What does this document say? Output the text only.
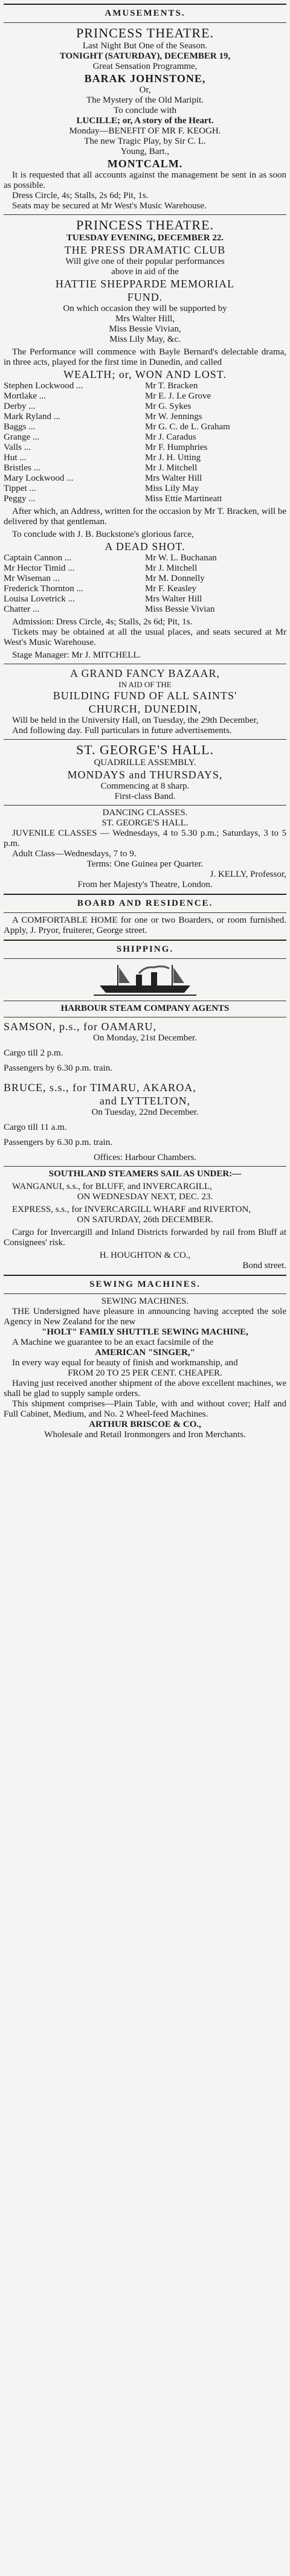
AMUSEMENTS.
PRINCESS THEATRE.
Last Night But One of the Season.
TONIGHT (SATURDAY), DECEMBER 19,
Great Sensation Programme,
BARAK JOHNSTONE,
Or,
The Mystery of the Old Maripit.
To conclude with
LUCILLE; or, A story of the Heart.
Monday—BENEFIT OF MR F. KEOGH.
The new Tragic Play, by Sir C. L.
Young, Bart.,
MONTCALM.
It is requested that all accounts against the management be sent in as soon as possible.
Dress Circle, 4s; Stalls, 2s 6d; Pit, 1s.
Seats may be secured at Mr West's Music Warehouse.
PRINCESS THEATRE.
TUESDAY EVENING, DECEMBER 22.
THE PRESS DRAMATIC CLUB
Will give one of their popular performances
above in aid of the
HATTIE SHEPPARDE MEMORIAL
FUND.
On which occasion they will be supported by
Mrs Walter Hill,
Miss Bessie Vivian,
Miss Lily May, &c.
The Performance will commence with Bayle Bernard's delectable drama, in three acts, played for the first time in Dunedin, and called
WEALTH; or, WON AND LOST.
Stephen Lockwood ...	Mr T. Bracken
Mortlake ...	Mr E. J. Le Grove
Derby ...	Mr G. Sykes
Mark Ryland ...	Mr W. Jennings
Baggs ...	Mr G. C. de L. Graham
Grange ...	Mr J. Caradus
Valls ...	Mr F. Humphries
Hut ...	Mr J. H. Utting
Bristles ...	Mr J. Mitchell
Mary Lockwood ...	Mrs Walter Hill
Tippet ...	Miss Lily May
Peggy ...	Miss Ettie Martineatt
After which, an Address, written for the occasion by Mr T. Bracken, will be delivered by that gentleman.
To conclude with J. B. Buckstone's glorious farce,
A DEAD SHOT.
Captain Cannon ...	Mr W. L. Buchanan
Mr Hector Timid ...	Mr J. Mitchell
Mr Wiseman ...	Mr M. Donnelly
Frederick Thornton ...	Mr F. Keasley
Louisa Lovetrick ...	Mrs Walter Hill
Chatter ...	Miss Bessie Vivian
Admission: Dress Circle, 4s; Stalls, 2s 6d; Pit, 1s.
Tickets may be obtained at all the usual places, and seats secured at Mr West's Music Warehouse.
Stage Manager: Mr J. MITCHELL.
A GRAND FANCY BAZAAR,
IN AID OF THE
BUILDING FUND OF ALL SAINTS'
CHURCH, DUNEDIN,
Will be held in the University Hall, on Tuesday, the 29th December,
And following day. Full particulars in future advertisements.
ST. GEORGE'S HALL.
QUADRILLE ASSEMBLY.
MONDAYS and THURSDAYS,
Commencing at 8 sharp.
First-class Band.
DANCING CLASSES.
ST. GEORGE'S HALL.
JUVENILE CLASSES — Wednesdays, 4 to 5.30 p.m.; Saturdays, 3 to 5 p.m.
Adult Class—Wednesdays, 7 to 9.
Terms: One Guinea per Quarter.
J. KELLY, Professor,
From her Majesty's Theatre, London.
BOARD AND RESIDENCE.
A COMFORTABLE HOME for one or two Boarders, or room furnished. Apply, J. Pryor, fruiterer, George street.
SHIPPING.
HARBOUR STEAM COMPANY AGENTS
SAMSON, p.s., for OAMARU,
On Monday, 21st December.
Cargo till 2 p.m.
Passengers by 6.30 p.m. train.
BRUCE, s.s., for TIMARU, AKAROA,
and LYTTELTON,
On Tuesday, 22nd December.
Cargo till 11 a.m.
Passengers by 6.30 p.m. train.
Offices: Harbour Chambers.
SOUTHLAND STEAMERS SAIL AS UNDER:—
WANGANUI, s.s., for BLUFF, and INVERCARGILL,
ON WEDNESDAY NEXT, DEC. 23.
EXPRESS, s.s., for INVERCARGILL WHARF and RIVERTON,
ON SATURDAY, 26th DECEMBER.
Cargo for Invercargill and Inland Districts forwarded by rail from Bluff at Consignees' risk.
H. HOUGHTON & CO.,
Bond street.
SEWING MACHINES.
SEWING MACHINES.
THE Undersigned have pleasure in announcing having accepted the sole Agency in New Zealand for the new
"HOLT" FAMILY SHUTTLE SEWING MACHINE,
A Machine we guarantee to be an exact facsimile of the
AMERICAN "SINGER,"
In every way equal for beauty of finish and workmanship, and
FROM 20 TO 25 PER CENT. CHEAPER.
Having just received another shipment of the above excellent machines, we shall be glad to supply sample orders.
This shipment comprises—Plain Table, with and without cover; Half and Full Cabinet, Medium, and No. 2 Wheel-feed Machines.
ARTHUR BRISCOE & CO.,
Wholesale and Retail Ironmongers and Iron Merchants.
